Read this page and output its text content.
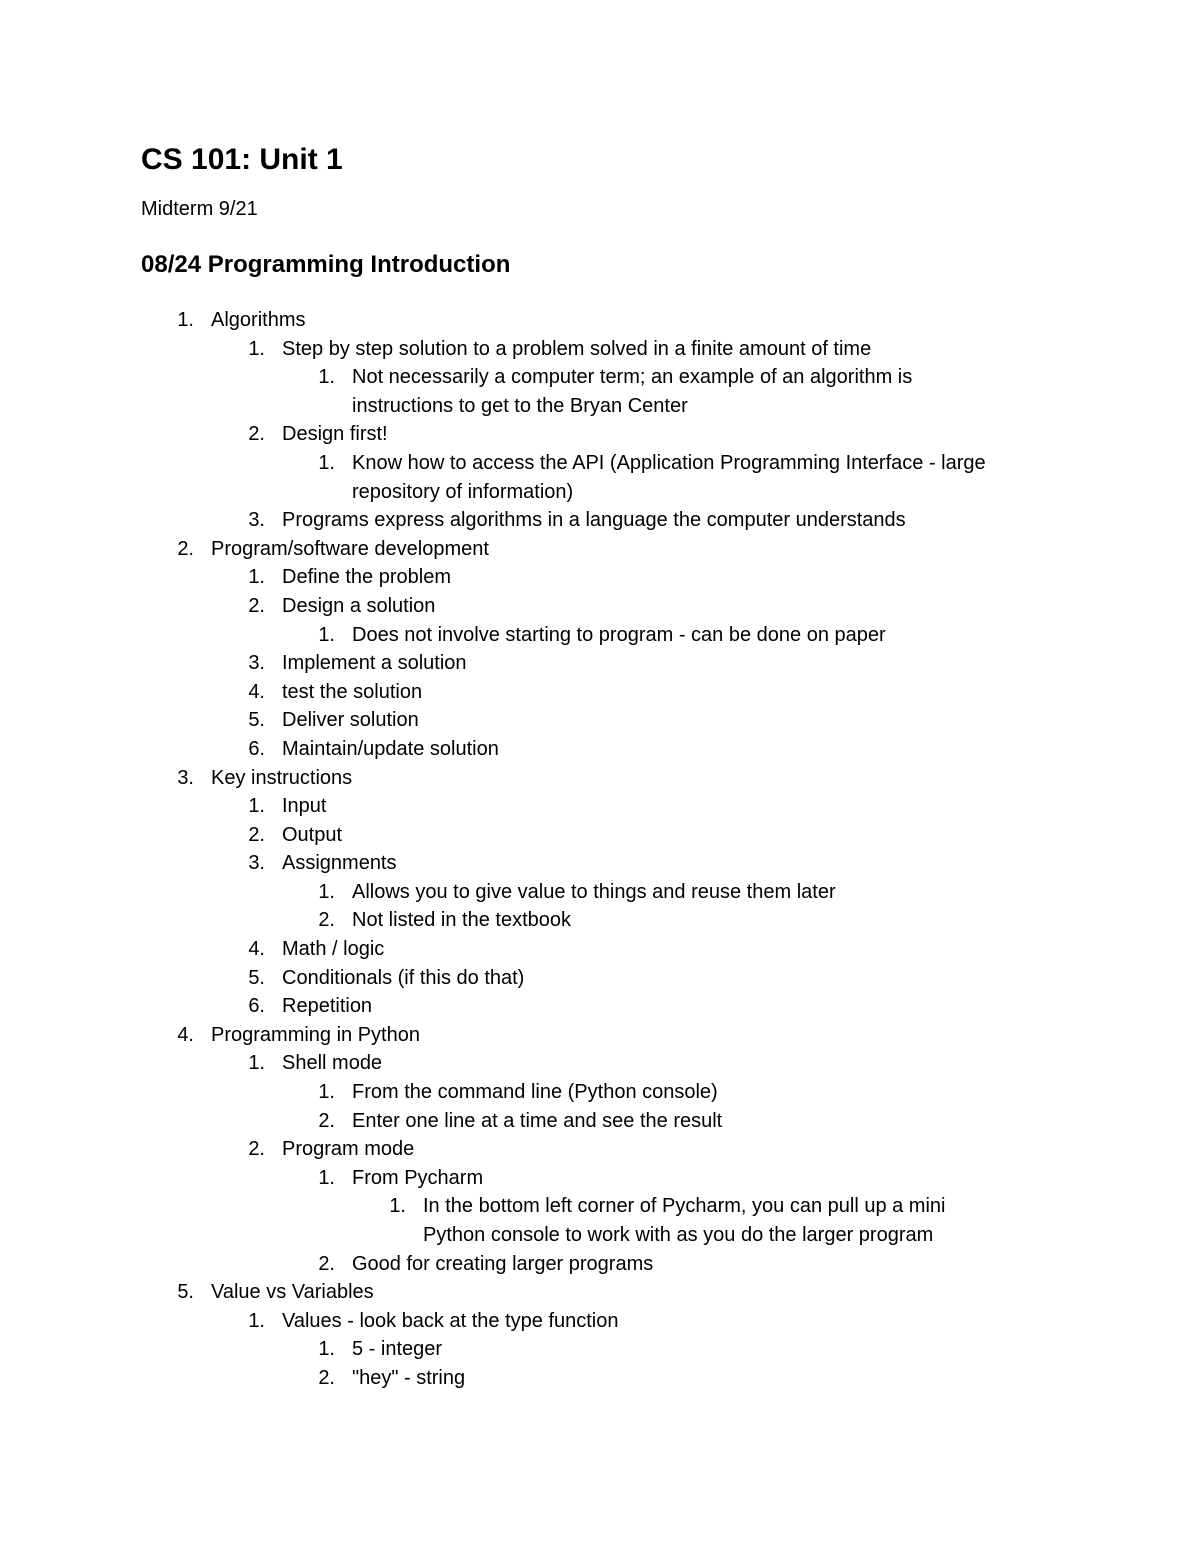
CS 101: Unit 1
Midterm 9/21
08/24 Programming Introduction
1. Algorithms
1. Step by step solution to a problem solved in a finite amount of time
1. Not necessarily a computer term; an example of an algorithm is
instructions to get to the Bryan Center
2. Design first!
1. Know how to access the API (Application Programming Interface - large
repository of information)
3. Programs express algorithms in a language the computer understands
2. Program/software development
1. Define the problem
2. Design a solution
1. Does not involve starting to program - can be done on paper
3. Implement a solution
4. test the solution
5. Deliver solution
6. Maintain/update solution
3. Key instructions
1. Input
2. Output
3. Assignments
1. Allows you to give value to things and reuse them later
2. Not listed in the textbook
4. Math / logic
5. Conditionals (if this do that)
6. Repetition
4. Programming in Python
1. Shell mode
1. From the command line (Python console)
2. Enter one line at a time and see the result
2. Program mode
1. From Pycharm
1. In the bottom left corner of Pycharm, you can pull up a mini
Python console to work with as you do the larger program
2. Good for creating larger programs
5. Value vs Variables
1. Values - look back at the type function
1. 5 - integer
2. "hey" - string
